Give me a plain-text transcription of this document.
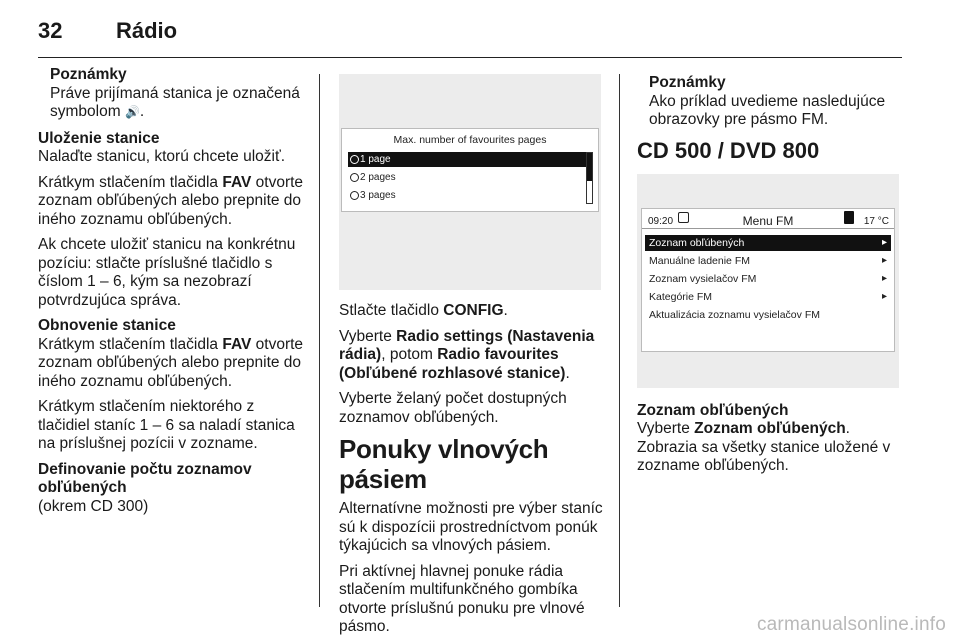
32 Rádio
Poznámky
Práve prijímaná stanica je označená symbolom 🔊.

Uloženie stanice
Nalaďte stanicu, ktorú chcete uložiť.

Krátkym stlačením tlačidla FAV otvorte zoznam obľúbených alebo prepnite do iného zoznamu obľúbených.

Ak chcete uložiť stanicu na konkrétnu pozíciu: stlačte príslušné tlačidlo s číslom 1 – 6, kým sa nezobrazí potvrdzujúca správa.

Obnovenie stanice
Krátkym stlačením tlačidla FAV otvorte zoznam obľúbených alebo prepnite do iného zoznamu obľúbených.

Krátkym stlačením niektorého z tlačidiel staníc 1 – 6 sa naladí stanica na príslušnej pozícii v zozname.

Definovanie počtu zoznamov obľúbených
(okrem CD 300)

Max. number of favourites pages
1 page
2 pages
3 pages

Stlačte tlačidlo CONFIG.

Vyberte Radio settings (Nastavenia rádia), potom Radio favourites (Obľúbené rozhlasové stanice).

Vyberte želaný počet dostupných zoznamov obľúbených.

Ponuky vlnových pásiem

Alternatívne možnosti pre výber staníc sú k dispozícii prostredníctvom ponúk týkajúcich sa vlnových pásiem.

Pri aktívnej hlavnej ponuke rádia stlačením multifunkčného gombíka otvorte príslušnú ponuku pre vlnové pásmo.

Poznámky
Ako príklad uvedieme nasledujúce obrazovky pre pásmo FM.
CD 500 / DVD 800
09:20	Menu FM	17 °C
Zoznam obľúbených	▸
Manuálne ladenie FM	▸
Zoznam vysielačov FM	▸
Kategórie FM	▸
Aktualizácia zoznamu vysielačov FM

Zoznam obľúbených
Vyberte Zoznam obľúbených.
Zobrazia sa všetky stanice uložené v zozname obľúbených.

carmanualsonline.info
